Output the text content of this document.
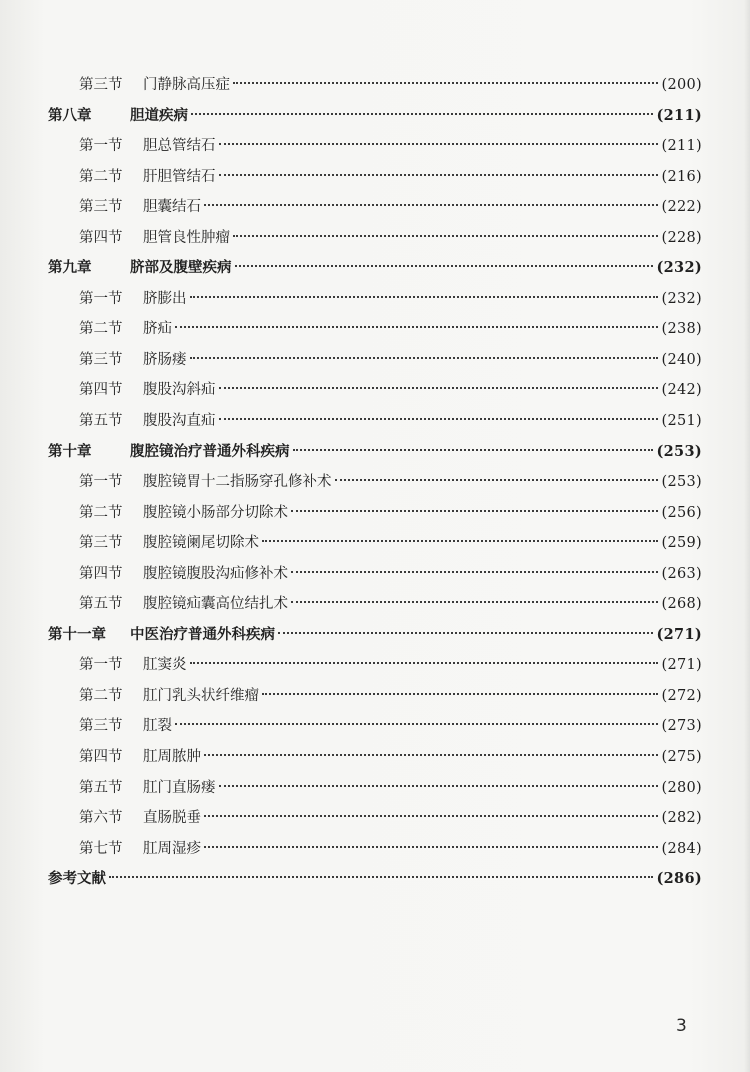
第三节 门静脉高压症	(200)
第八章	胆道疾病	(211)
第一节 胆总管结石	(211)
第二节 肝胆管结石	(216)
第三节 胆囊结石	(222)
第四节 胆管良性肿瘤	(228)
第九章	脐部及腹壁疾病	(232)
第一节 脐膨出	(232)
第二节 脐疝	(238)
第三节 脐肠瘘	(240)
第四节 腹股沟斜疝	(242)
第五节 腹股沟直疝	(251)
第十章	腹腔镜治疗普通外科疾病	(253)
第一节 腹腔镜胃十二指肠穿孔修补术	(253)
第二节 腹腔镜小肠部分切除术	(256)
第三节 腹腔镜阑尾切除术	(259)
第四节 腹腔镜腹股沟疝修补术	(263)
第五节 腹腔镜疝囊高位结扎术	(268)
第十一章 中医治疗普通外科疾病	(271)
第一节 肛窦炎	(271)
第二节 肛门乳头状纤维瘤	(272)
第三节 肛裂	(273)
第四节 肛周脓肿	(275)
第五节 肛门直肠瘘	(280)
第六节 直肠脱垂	(282)
第七节 肛周湿疹	(284)
参考文献	(286)
3
